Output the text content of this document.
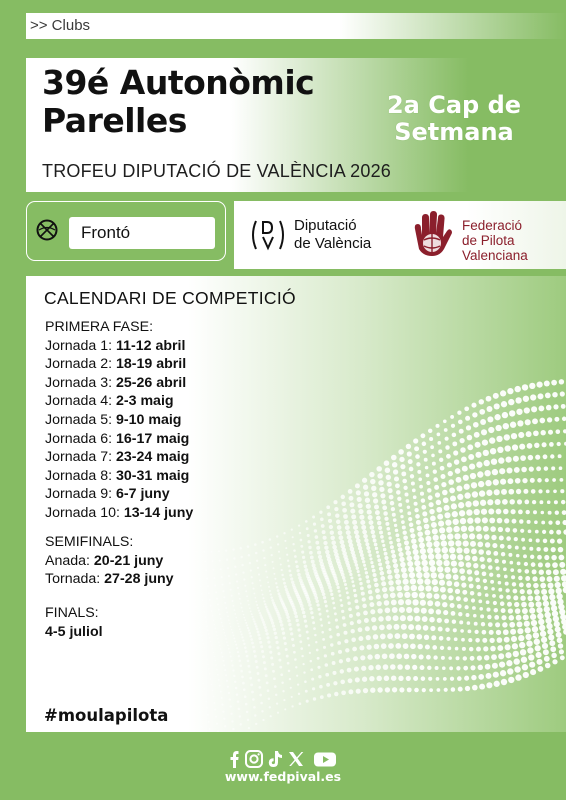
>> Clubs
39é Autonòmic
Parelles	2a Cap de
Setmana
TROFEU DIPUTACIÓ DE VALÈNCIA 2026
Frontó	Diputació
de València
Federació
de Pilota
Valenciana
CALENDARI DE COMPETICIÓ
PRIMERA FASE:
Jornada 1: 11-12 abril
Jornada 2: 18-19 abril
Jornada 3: 25-26 abril
Jornada 4: 2-3 maig
Jornada 5: 9-10 maig
Jornada 6: 16-17 maig
Jornada 7: 23-24 maig
Jornada 8: 30-31 maig
Jornada 9: 6-7 juny
Jornada 10: 13-14 juny
SEMIFINALS:
Anada: 20-21 juny
Tornada: 27-28 juny
FINALS:
4-5 juliol
#moulapilota
www.fedpival.es
